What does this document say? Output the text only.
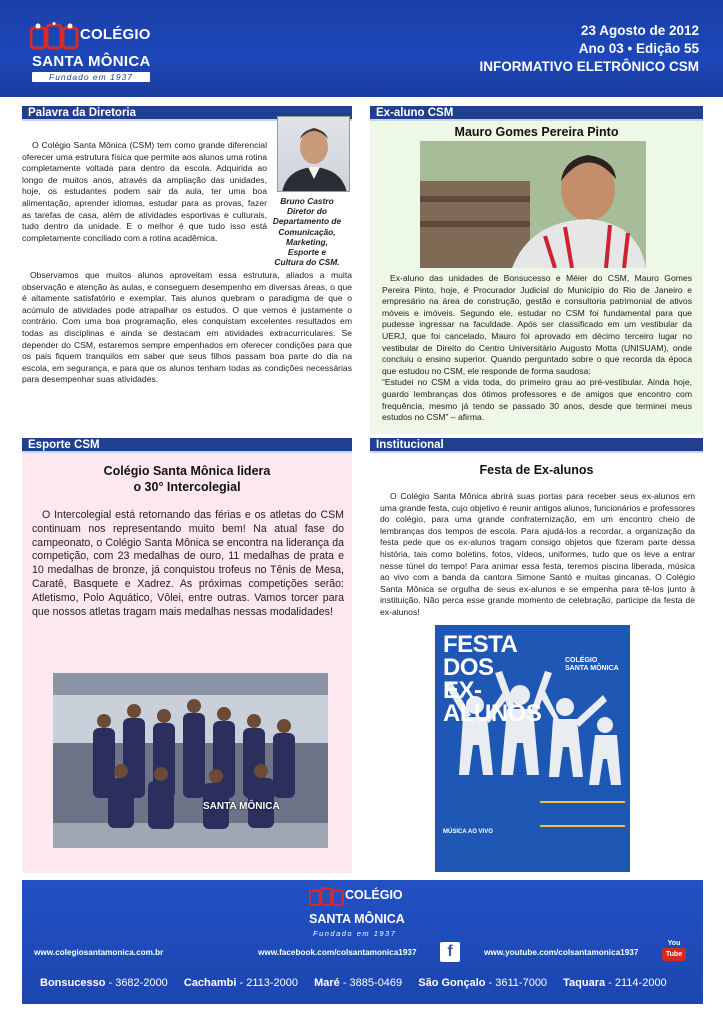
COLÉGIO
SANTA MÔNICA
Fundado em 1937
23 Agosto de 2012
Ano 03 • Edição 55
INFORMATIVO ELETRÔNICO CSM
Palavra da Diretoria	Ex-aluno CSM
Esporte CSM	Institucional
Bruno Castro
Diretor do
Departamento de
Comunicação,
Marketing,
Esporte e
Cultura do CSM.

O Colégio Santa Mônica (CSM) tem como grande diferencial oferecer uma estrutura física que permite aos alunos uma rotina completamente voltada para dentro da escola. Adquirida ao longo de muitos anos, através da ampliação das unidades, hoje, os estudantes podem sair da aula, ter uma boa alimentação, aprender idiomas, estudar para as provas, fazer as tarefas de casa, além de atividades esportivas e culturais, tudo dentro da unidade. E o melhor é que tudo isso está completamente conciliado com a rotina acadêmica.

Observamos que muitos alunos aproveitam essa estrutura, aliados a muita observação e atenção às aulas, e conseguem desempenho em diversas áreas, o que é altamente satisfatório e exemplar. Tais alunos quebram o paradigma de que o acúmulo de atividades pode atrapalhar os estudos. O que vemos é justamente o contrário. Com uma boa programação, eles conquistam excelentes resultados em todas as disciplinas e ainda se destacam em atividades extracurriculares. Se depender do CSM, estaremos sempre empenhados em oferecer condições para que os pais fiquem tranquilos em saber que seus filhos passam boa parte do dia na escola, em segurança, e para que os alunos tenham todas as condições necessárias para desempenhar suas atividades.

Mauro Gomes Pereira Pinto

Ex-aluno das unidades de Bonsucesso e Méier do CSM, Mauro Gomes Pereira Pinto, hoje, é Procurador Judicial do Município do Rio de Janeiro e empresário na área de construção, gestão e consultoria patrimonial de ativos móveis e imóveis. Segundo ele, estudar no CSM foi fundamental para que pudesse ingressar na faculdade. Após ser classificado em um vestibular da UERJ, que foi cancelado, Mauro foi aprovado em décimo terceiro lugar no vestibular de Direito do Centro Universitário Augusto Motta (UNISUAM), onde concluiu o ensino superior. Quando perguntado sobre o que recorda da época que estudou no CSM, ele responde de forma saudosa:
“Estudei no CSM a vida toda, do primeiro grau ao pré-vestibular. Ainda hoje, guardo lembranças dos ótimos professores e de amigos que encontro com frequência, mesmo já tendo se passado 30 anos, desde que terminei meus estudos no CSM” – afirma.

Colégio Santa Mônica lidera
o 30° Intercolegial

O Intercolegial está retornando das férias e os atletas do CSM continuam nos representando muito bem! Na atual fase do campeonato, o Colégio Santa Mônica se encontra na liderança da competição, com 23 medalhas de ouro, 11 medalhas de prata e 10 medalhas de bronze, já conquistou trofeus no Tênis de Mesa, Caratê, Basquete e Xadrez. As próximas competições serão: Atletismo, Polo Aquático, Vôlei, entre outras. Vamos torcer para que nossos atletas tragam mais medalhas nessas modalidades!

SANTA MÔNICA
Festa de Ex-alunos

O Colégio Santa Mônica abrirá suas portas para receber seus ex-alunos em uma grande festa, cujo objetivo é reunir antigos alunos, funcionários e professores do colégio, para uma grande confraternização, em um encontro cheio de lembranças dos tempos de escola. Para ajudá-los a recordar, a organização da festa pede que os ex-alunos tragam consigo objetos que fizeram parte dessa história, tais como boletins, fotos, vídeos, uniformes, tudo que os leve a entrar nesse túnel do tempo! Para animar essa festa, teremos piscina liberada, música ao vivo com a banda da cantora Simone Santó e muitas gincanas. O Colégio Santa Mônica se orgulha de seus ex-alunos e se empenha para tê-los junto à instituição. Não perca esse grande momento de celebração, participe da festa de ex-alunos!

FESTA DOS
EX-ALUNOS
COLÉGIO
SANTA MÔNICA
MÚSICA AO VIVO
COLÉGIO
SANTA MÔNICA
Fundado em 1937
www.colegiosantamonica.com.br	www.facebook.com/colsantamonica1937	f	www.youtube.com/colsantamonica1937
You
Tube
Bonsucesso - 3682-2000 Cachambi - 2113-2000 Maré - 3885-0469 São Gonçalo - 3611-7000 Taquara - 2114-2000
